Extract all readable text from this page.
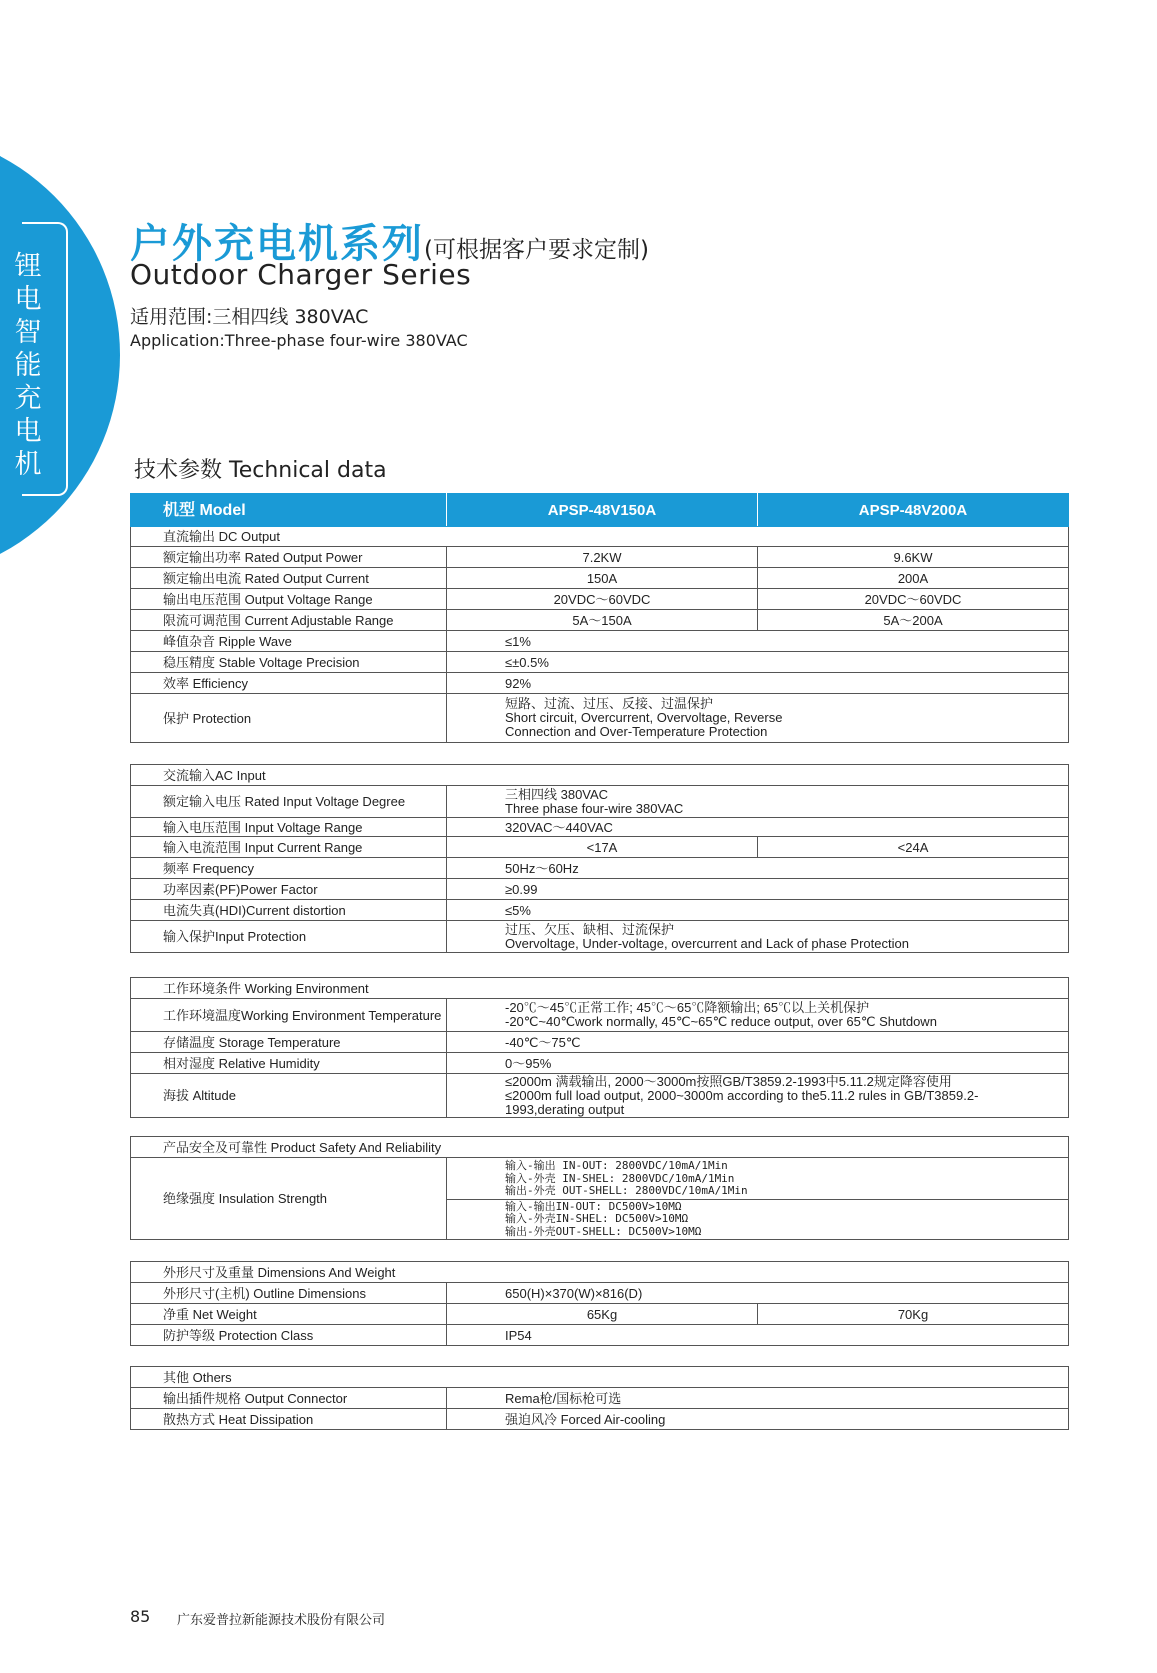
锂
电
智
能
充
电
机
户外充电机系列(可根据客户要求定制)
Outdoor Charger Series
适用范围:三相四线 380VAC
Application:Three-phase four-wire 380VAC
技术参数 Technical data
机型 Model	APSP-48V150A	APSP-48V200A
直流输出 DC Output		
额定输出功率 Rated Output Power	7.2KW	9.6KW
额定输出电流 Rated Output Current	150A	200A
输出电压范围 Output Voltage Range	20VDC～60VDC	20VDC～60VDC
限流可调范围 Current Adjustable Range	5A～150A	5A～200A
峰值杂音 Ripple Wave	≤1%	
稳压精度 Stable Voltage Precision	≤±0.5%	
效率 Efficiency	92%	
保护 Protection	短路、过流、过压、反接、过温保护
Short circuit, Overcurrent, Overvoltage, Reverse
Connection and Over-Temperature Protection	
交流输入AC Input		
额定输入电压 Rated Input Voltage Degree	三相四线 380VAC
Three phase four-wire 380VAC	
输入电压范围 Input Voltage Range	320VAC～440VAC	
输入电流范围 Input Current Range	<17A	<24A
频率 Frequency	50Hz～60Hz	
功率因素(PF)Power Factor	≥0.99	
电流失真(HDI)Current distortion	≤5%	
输入保护Input Protection	过压、欠压、缺相、过流保护
Overvoltage, Under-voltage, overcurrent and Lack of phase Protection	
工作环境条件 Working Environment	
工作环境温度Working Environment Temperature	-20℃～45℃正常工作; 45℃～65℃降额输出; 65℃以上关机保护
-20℃~40℃work normally, 45℃~65℃ reduce output, over 65℃ Shutdown
存储温度 Storage Temperature	-40℃～75℃
相对湿度 Relative Humidity	0～95%
海拔 Altitude	≤2000m 满载输出, 2000～3000m按照GB/T3859.2-1993中5.11.2规定降容使用
≤2000m full load output, 2000~3000m according to the5.11.2 rules in GB/T3859.2-
1993,derating output
产品安全及可靠性 Product Safety And Reliability
绝缘强度 Insulation Strength	
输入-输出 IN-OUT: 2800VDC/10mA/1Min
输入-外壳 IN-SHEL: 2800VDC/10mA/1Min
输出-外壳 OUT-SHELL: 2800VDC/10mA/1Min
输入-输出IN-OUT: DC500V>10MΩ
输入-外壳IN-SHEL: DC500V>10MΩ
输出-外壳OUT-SHELL: DC500V>10MΩ
外形尺寸及重量 Dimensions And Weight		
外形尺寸(主机) Outline Dimensions	650(H)×370(W)×816(D)	
净重 Net Weight	65Kg	70Kg
防护等级 Protection Class	IP54	
其他 Others	
输出插件规格 Output Connector	Rema枪/国标枪可选
散热方式 Heat Dissipation	强迫风冷 Forced Air-cooling
85 广东爱普拉新能源技术股份有限公司
